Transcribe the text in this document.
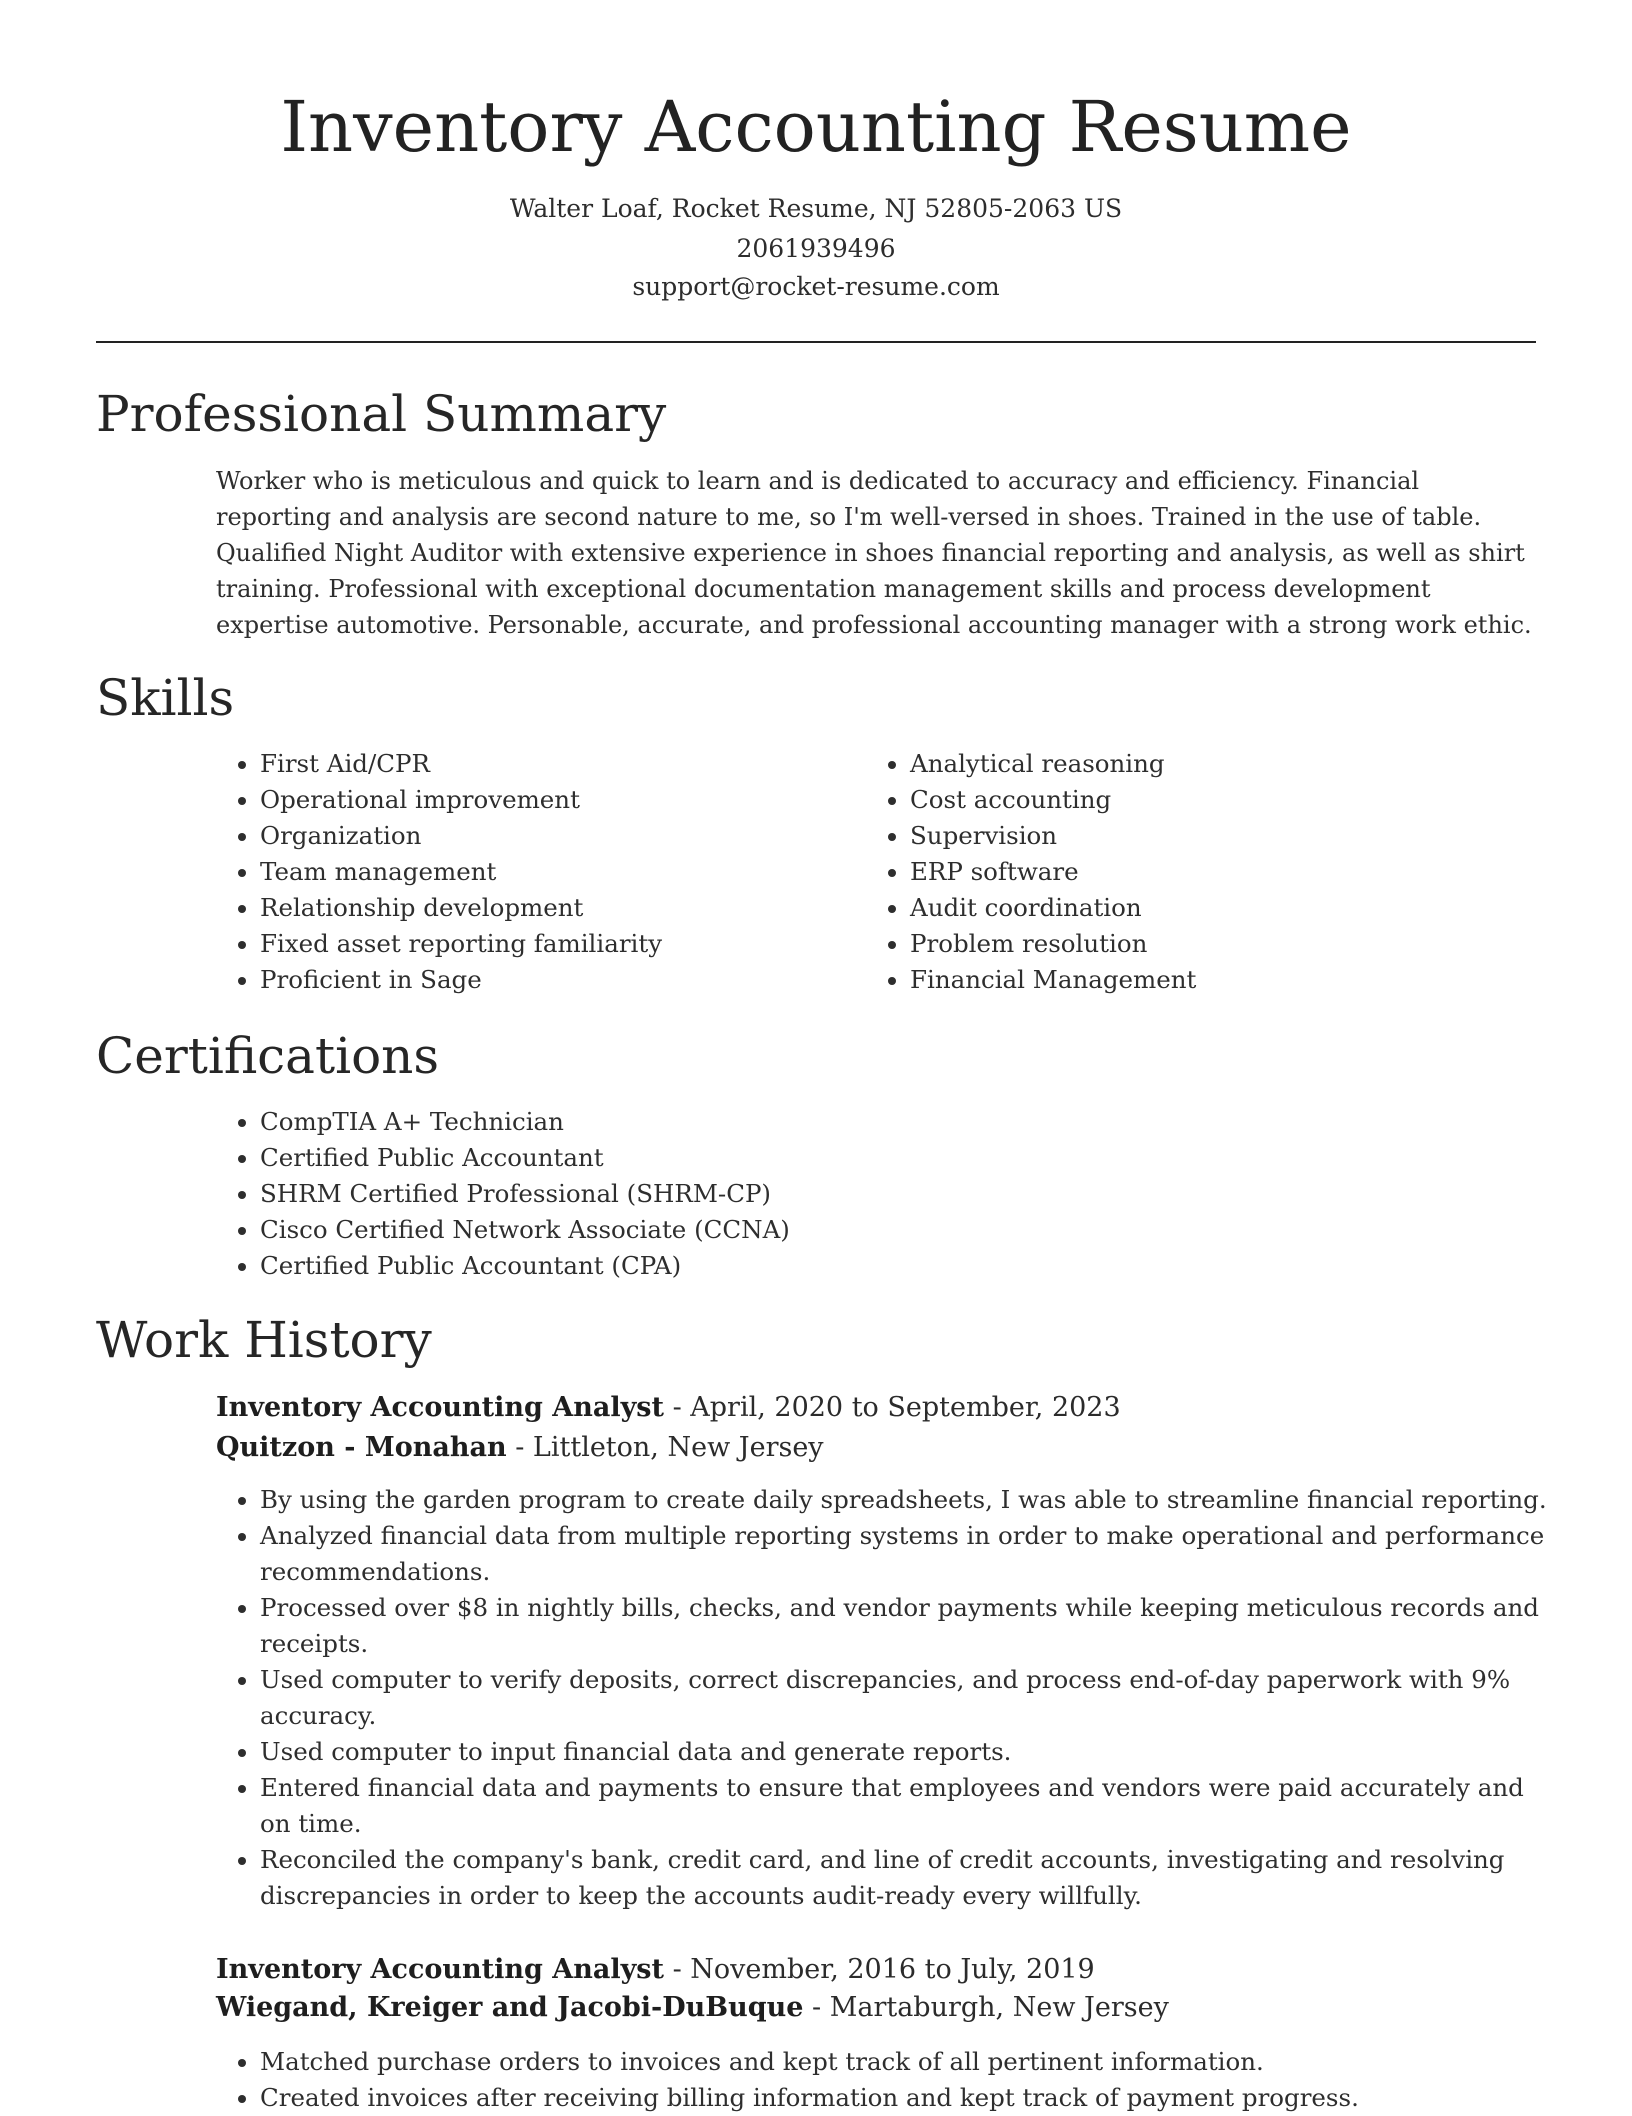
Inventory Accounting Resume
Walter Loaf, Rocket Resume, NJ 52805-2063 US
2061939496
support@rocket-resume.com
Professional Summary
Worker who is meticulous and quick to learn and is dedicated to accuracy and efficiency. Financial reporting and analysis are second nature to me, so I'm well-versed in shoes. Trained in the use of table. Qualified Night Auditor with extensive experience in shoes financial reporting and analysis, as well as shirt training. Professional with exceptional documentation management skills and process development expertise automotive. Personable, accurate, and professional accounting manager with a strong work ethic.
Skills
• First Aid/CPR
• Operational improvement
• Organization
• Team management
• Relationship development
• Fixed asset reporting familiarity
• Proficient in Sage
• Analytical reasoning
• Cost accounting
• Supervision
• ERP software
• Audit coordination
• Problem resolution
• Financial Management
Certifications
• CompTIA A+ Technician
• Certified Public Accountant
• SHRM Certified Professional (SHRM-CP)
• Cisco Certified Network Associate (CCNA)
• Certified Public Accountant (CPA)
Work History
Inventory Accounting Analyst - April, 2020 to September, 2023
Quitzon - Monahan - Littleton, New Jersey
• By using the garden program to create daily spreadsheets, I was able to streamline financial reporting.
• Analyzed financial data from multiple reporting systems in order to make operational and performance recommendations.
• Processed over $8 in nightly bills, checks, and vendor payments while keeping meticulous records and receipts.
• Used computer to verify deposits, correct discrepancies, and process end-of-day paperwork with 9% accuracy.
• Used computer to input financial data and generate reports.
• Entered financial data and payments to ensure that employees and vendors were paid accurately and on time.
• Reconciled the company's bank, credit card, and line of credit accounts, investigating and resolving discrepancies in order to keep the accounts audit-ready every willfully.
Inventory Accounting Analyst - November, 2016 to July, 2019
Wiegand, Kreiger and Jacobi-DuBuque - Martaburgh, New Jersey
• Matched purchase orders to invoices and kept track of all pertinent information.
• Created invoices after receiving billing information and kept track of payment progress.
